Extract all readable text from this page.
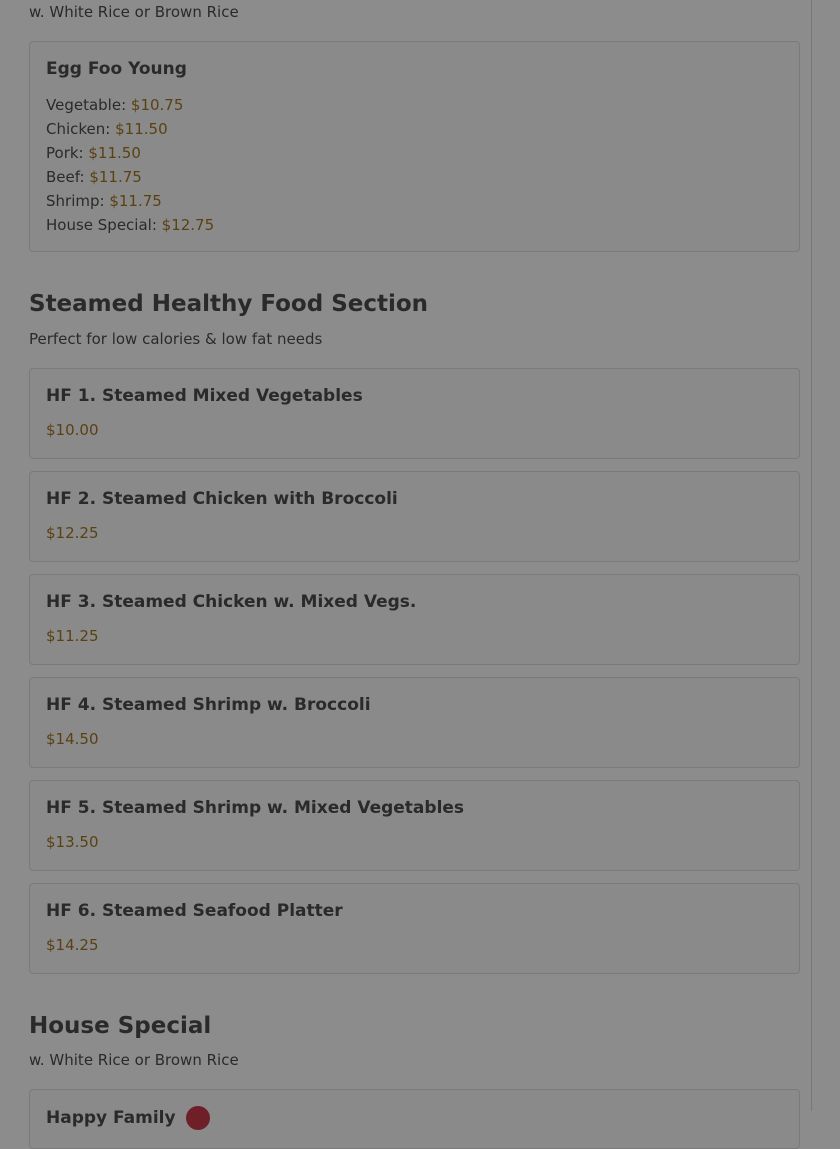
w. White Rice or Brown Rice
Egg Foo Young
Vegetable: $10.75
Chicken: $11.50
Pork: $11.50
Beef: $11.75
Shrimp: $11.75
House Special: $12.75
Steamed Healthy Food Section
Perfect for low calories & low fat needs
HF 1. Steamed Mixed Vegetables
$10.00
HF 2. Steamed Chicken with Broccoli
$12.25
HF 3. Steamed Chicken w. Mixed Vegs.
$11.25
HF 4. Steamed Shrimp w. Broccoli
$14.50
HF 5. Steamed Shrimp w. Mixed Vegetables
$13.50
HF 6. Steamed Seafood Platter
$14.25
House Special
w. White Rice or Brown Rice
Happy Family
